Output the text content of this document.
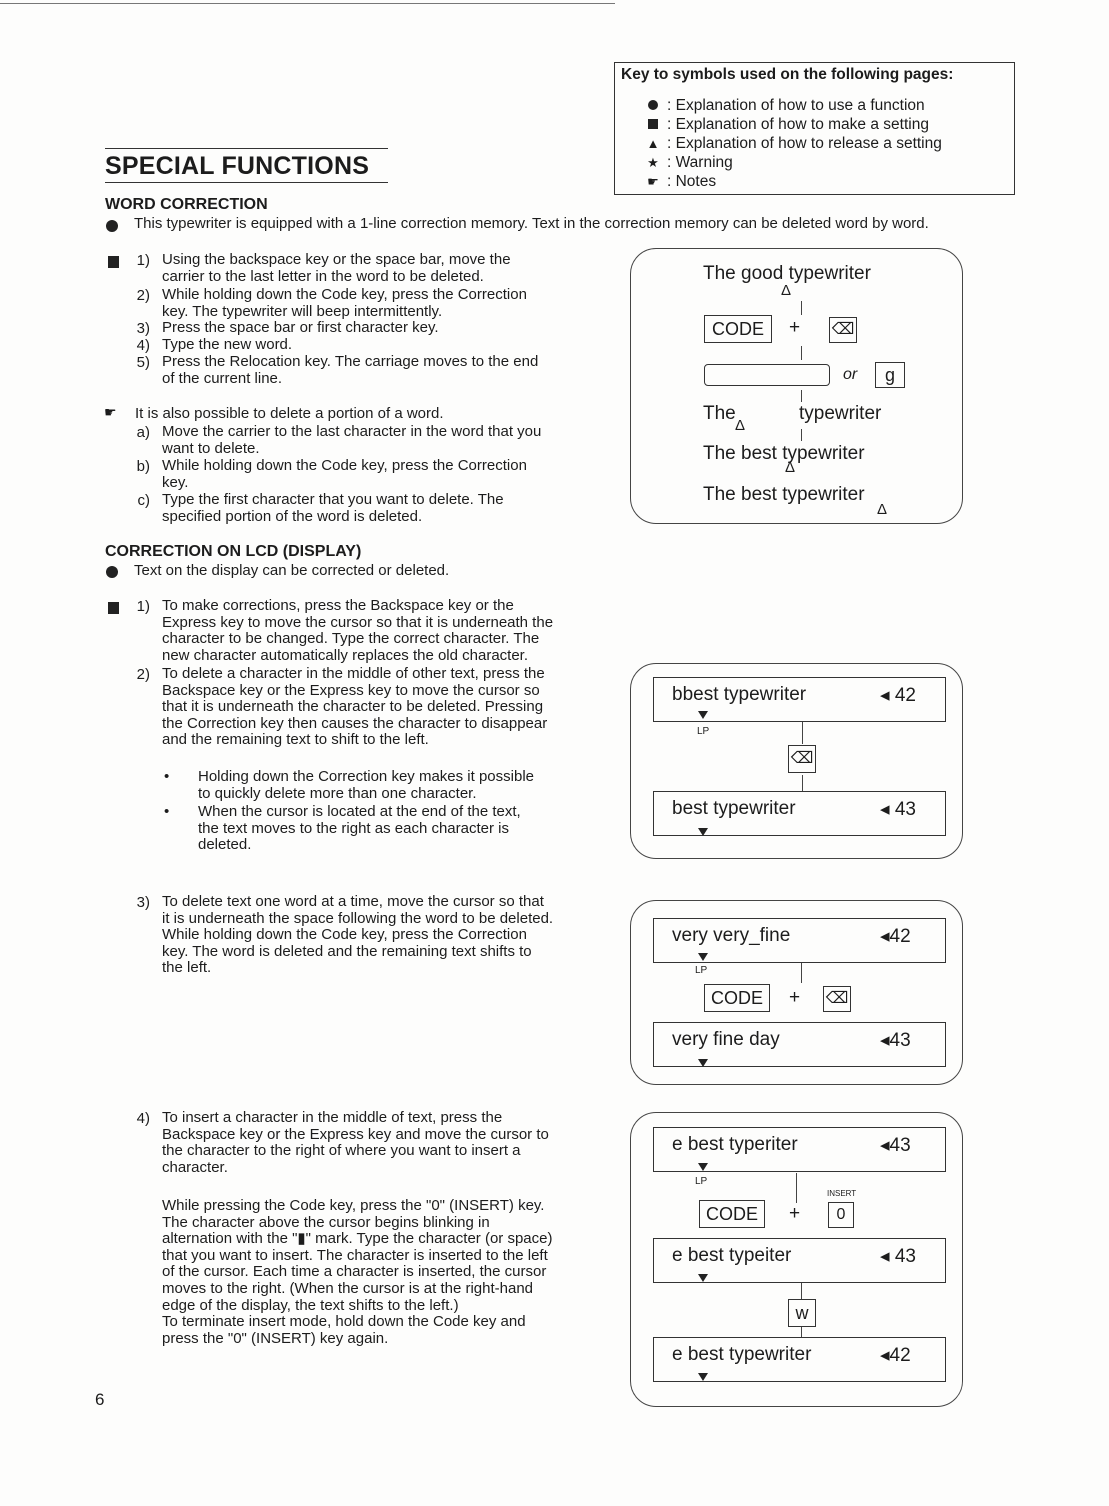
Key to symbols used on the following pages:
: Explanation of how to use a function
: Explanation of how to make a setting
▲ : Explanation of how to release a setting
★ : Warning
☛ : Notes
SPECIAL FUNCTIONS
WORD CORRECTION
This typewriter is equipped with a 1-line correction memory. Text in the correction memory can be deleted word by word.
1) Using the backspace key or the space bar, move the
carrier to the last letter in the word to be deleted.
2) While holding down the Code key, press the Correction
key. The typewriter will beep intermittently.
3) Press the space bar or first character key.
4) Type the new word.
5) Press the Relocation key. The carriage moves to the end
of the current line.
☛ It is also possible to delete a portion of a word.
a) Move the carrier to the last character in the word that you
want to delete.
b) While holding down the Code key, press the Correction
key.
c) Type the first character that you want to delete. The
specified portion of the word is deleted.
CORRECTION ON LCD (DISPLAY)
Text on the display can be corrected or deleted.
1) To make corrections, press the Backspace key or the
Express key to move the cursor so that it is underneath the
character to be changed. Type the correct character. The
new character automatically replaces the old character.
2) To delete a character in the middle of other text, press the
Backspace key or the Express key to move the cursor so
that it is underneath the character to be deleted. Pressing
the Correction key then causes the character to disappear
and the remaining text to shift to the left.
• Holding down the Correction key makes it possible
to quickly delete more than one character.
• When the cursor is located at the end of the text,
the text moves to the right as each character is
deleted.
3) To delete text one word at a time, move the cursor so that
it is underneath the space following the word to be deleted.
While holding down the Code key, press the Correction
key. The word is deleted and the remaining text shifts to
the left.
4) To insert a character in the middle of text, press the
Backspace key or the Express key and move the cursor to
the character to the right of where you want to insert a
character.
While pressing the Code key, press the "0" (INSERT) key.
The character above the cursor begins blinking in
alternation with the "▮" mark. Type the character (or space)
that you want to insert. The character is inserted to the left
of the cursor. Each time a character is inserted, the cursor
moves to the right. (When the cursor is at the right-hand
edge of the display, the text shifts to the left.)
To terminate insert mode, hold down the Code key and
press the "0" (INSERT) key again.
The good typewriter
Δ
CODE	+ ⌫
or	g
The
Δ
typewriter
The best typewriter
Δ
The best typewriter
Δ
bbest typewriter	◂ 42
LP
⌫
best typewriter	◂ 43
very very_fine	◂42
LP
CODE	+ ⌫
very fine day	◂43
e best typeriter	◂43
LP
INSERT
CODE	+	0
e best typeiter	◂ 43
w
e best typewriter	◂42
6
